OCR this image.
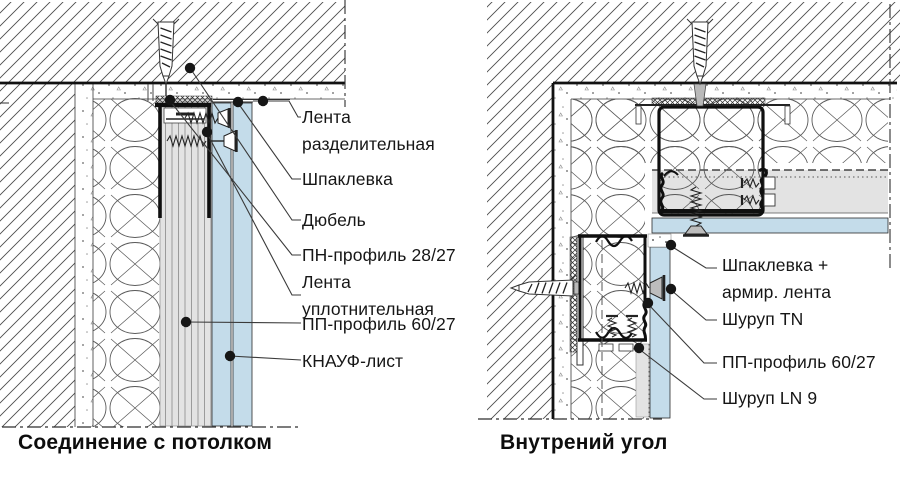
Лента
разделительная
Шпаклевка
Дюбель
ПН-профиль 28/27
Лента
уплотнительная
ПП-профиль 60/27
КНАУФ-лист
Шпаклевка +
армир. лента
Шуруп TN
ПП-профиль 60/27
Шуруп LN 9
Соединение с потолком	Внутрений угол
